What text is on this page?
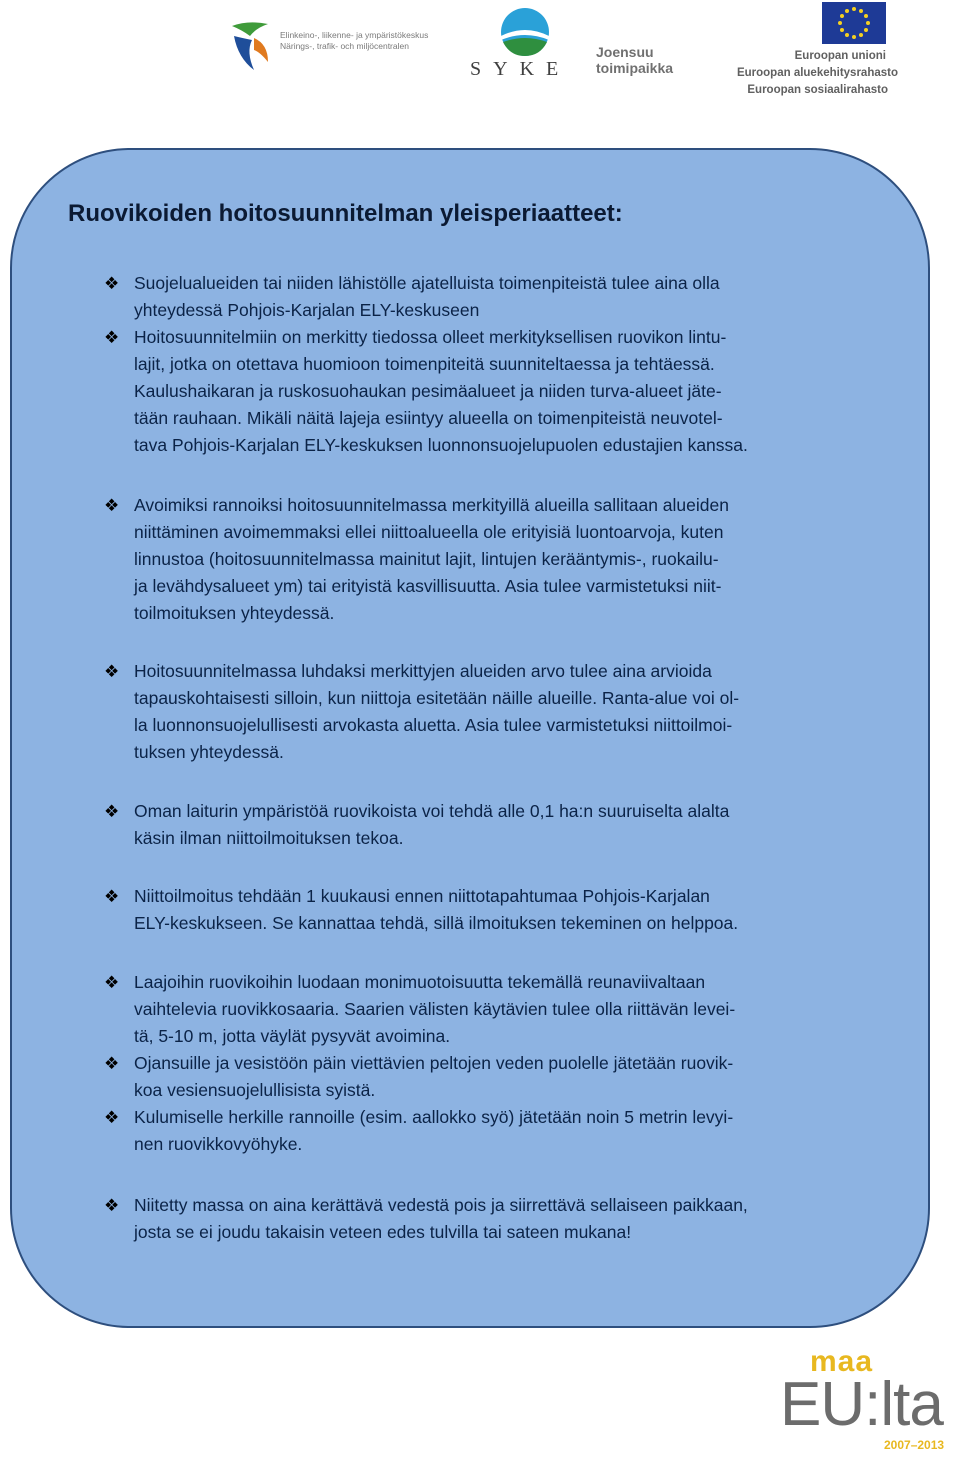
Elinkeino-, liikenne- ja ympäristökeskus
Närings-, trafik- och miljöcentralen
SYKE
Joensuu
toimipaikka
Euroopan unioni
Euroopan aluekehitysrahasto
Euroopan sosiaalirahasto
maa
EU:lta
2007–2013
Ruovikoiden hoitosuunnitelman yleisperiaatteet:
❖ Suojelualueiden tai niiden lähistölle ajatelluista toimenpiteistä tulee aina olla
yhteydessä Pohjois-Karjalan ELY-keskuseen

❖ Hoitosuunnitelmiin on merkitty tiedossa olleet merkityksellisen ruovikon lintu-
lajit, jotka on otettava huomioon toimenpiteitä suunniteltaessa ja tehtäessä.
Kaulushaikaran ja ruskosuohaukan pesimäalueet ja niiden turva-alueet jäte-
tään rauhaan. Mikäli näitä lajeja esiintyy alueella on toimenpiteistä neuvotel-
tava Pohjois-Karjalan ELY-keskuksen luonnonsuojelupuolen edustajien kanssa.

❖ Avoimiksi rannoiksi hoitosuunnitelmassa merkityillä alueilla sallitaan alueiden
niittäminen avoimemmaksi ellei niittoalueella ole erityisiä luontoarvoja, kuten
linnustoa (hoitosuunnitelmassa mainitut lajit, lintujen kerääntymis-, ruokailu-
ja levähdysalueet ym) tai erityistä kasvillisuutta. Asia tulee varmistetuksi niit-
toilmoituksen yhteydessä.

❖ Hoitosuunnitelmassa luhdaksi merkittyjen alueiden arvo tulee aina arvioida
tapauskohtaisesti silloin, kun niittoja esitetään näille alueille. Ranta-alue voi ol-
la luonnonsuojelullisesti arvokasta aluetta. Asia tulee varmistetuksi niittoilmoi-
tuksen yhteydessä.

❖ Oman laiturin ympäristöä ruovikoista voi tehdä alle 0,1 ha:n suuruiselta alalta
käsin ilman niittoilmoituksen tekoa.

❖ Niittoilmoitus tehdään 1 kuukausi ennen niittotapahtumaa Pohjois-Karjalan
ELY-keskukseen. Se kannattaa tehdä, sillä ilmoituksen tekeminen on helppoa.

❖ Laajoihin ruovikoihin luodaan monimuotoisuutta tekemällä reunaviivaltaan
vaihtelevia ruovikkosaaria. Saarien välisten käytävien tulee olla riittävän levei-
tä, 5-10 m, jotta väylät pysyvät avoimina.

❖ Ojansuille ja vesistöön päin viettävien peltojen veden puolelle jätetään ruovik-
koa vesiensuojelullisista syistä.

❖ Kulumiselle herkille rannoille (esim. aallokko syö) jätetään noin 5 metrin levyi-
nen ruovikkovyöhyke.

❖ Niitetty massa on aina kerättävä vedestä pois ja siirrettävä sellaiseen paikkaan,
josta se ei joudu takaisin veteen edes tulvilla tai sateen mukana!
